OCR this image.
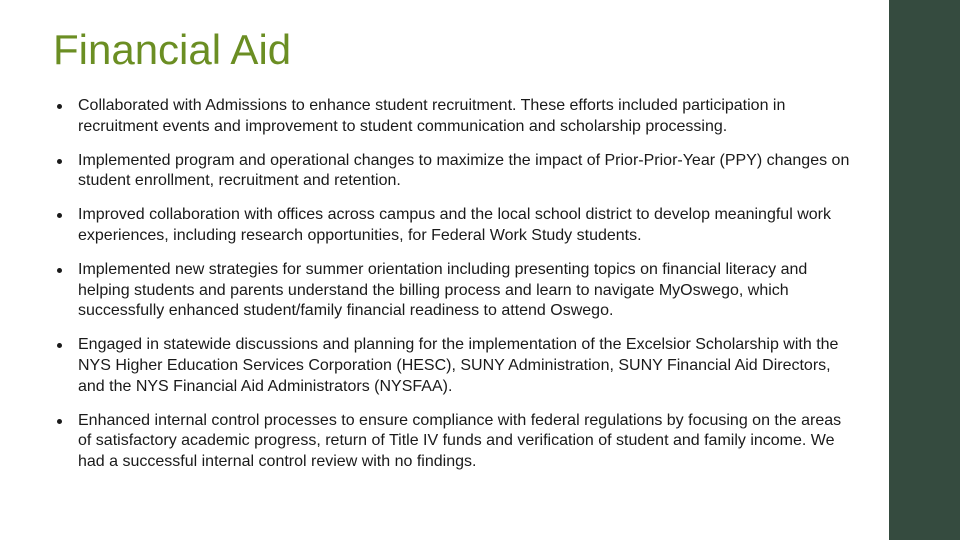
Financial Aid
Collaborated with Admissions to enhance student recruitment. These efforts included participation in recruitment events and improvement to student communication and scholarship processing.
Implemented program and operational changes to maximize the impact of Prior-Prior-Year (PPY) changes on student enrollment, recruitment and retention.
Improved collaboration with offices across campus and the local school district to develop meaningful work experiences, including research opportunities, for Federal Work Study students.
Implemented new strategies for summer orientation including presenting topics on financial literacy and helping students and parents understand the billing process and learn to navigate MyOswego, which successfully enhanced student/family financial readiness to attend Oswego.
Engaged in statewide discussions and planning for the implementation of the Excelsior Scholarship with the NYS Higher Education Services Corporation (HESC), SUNY Administration, SUNY Financial Aid Directors, and the NYS Financial Aid Administrators (NYSFAA).
Enhanced internal control processes to ensure compliance with federal regulations by focusing on the areas of satisfactory academic progress, return of Title IV funds and verification of student and family income. We had a successful internal control review with no findings.
